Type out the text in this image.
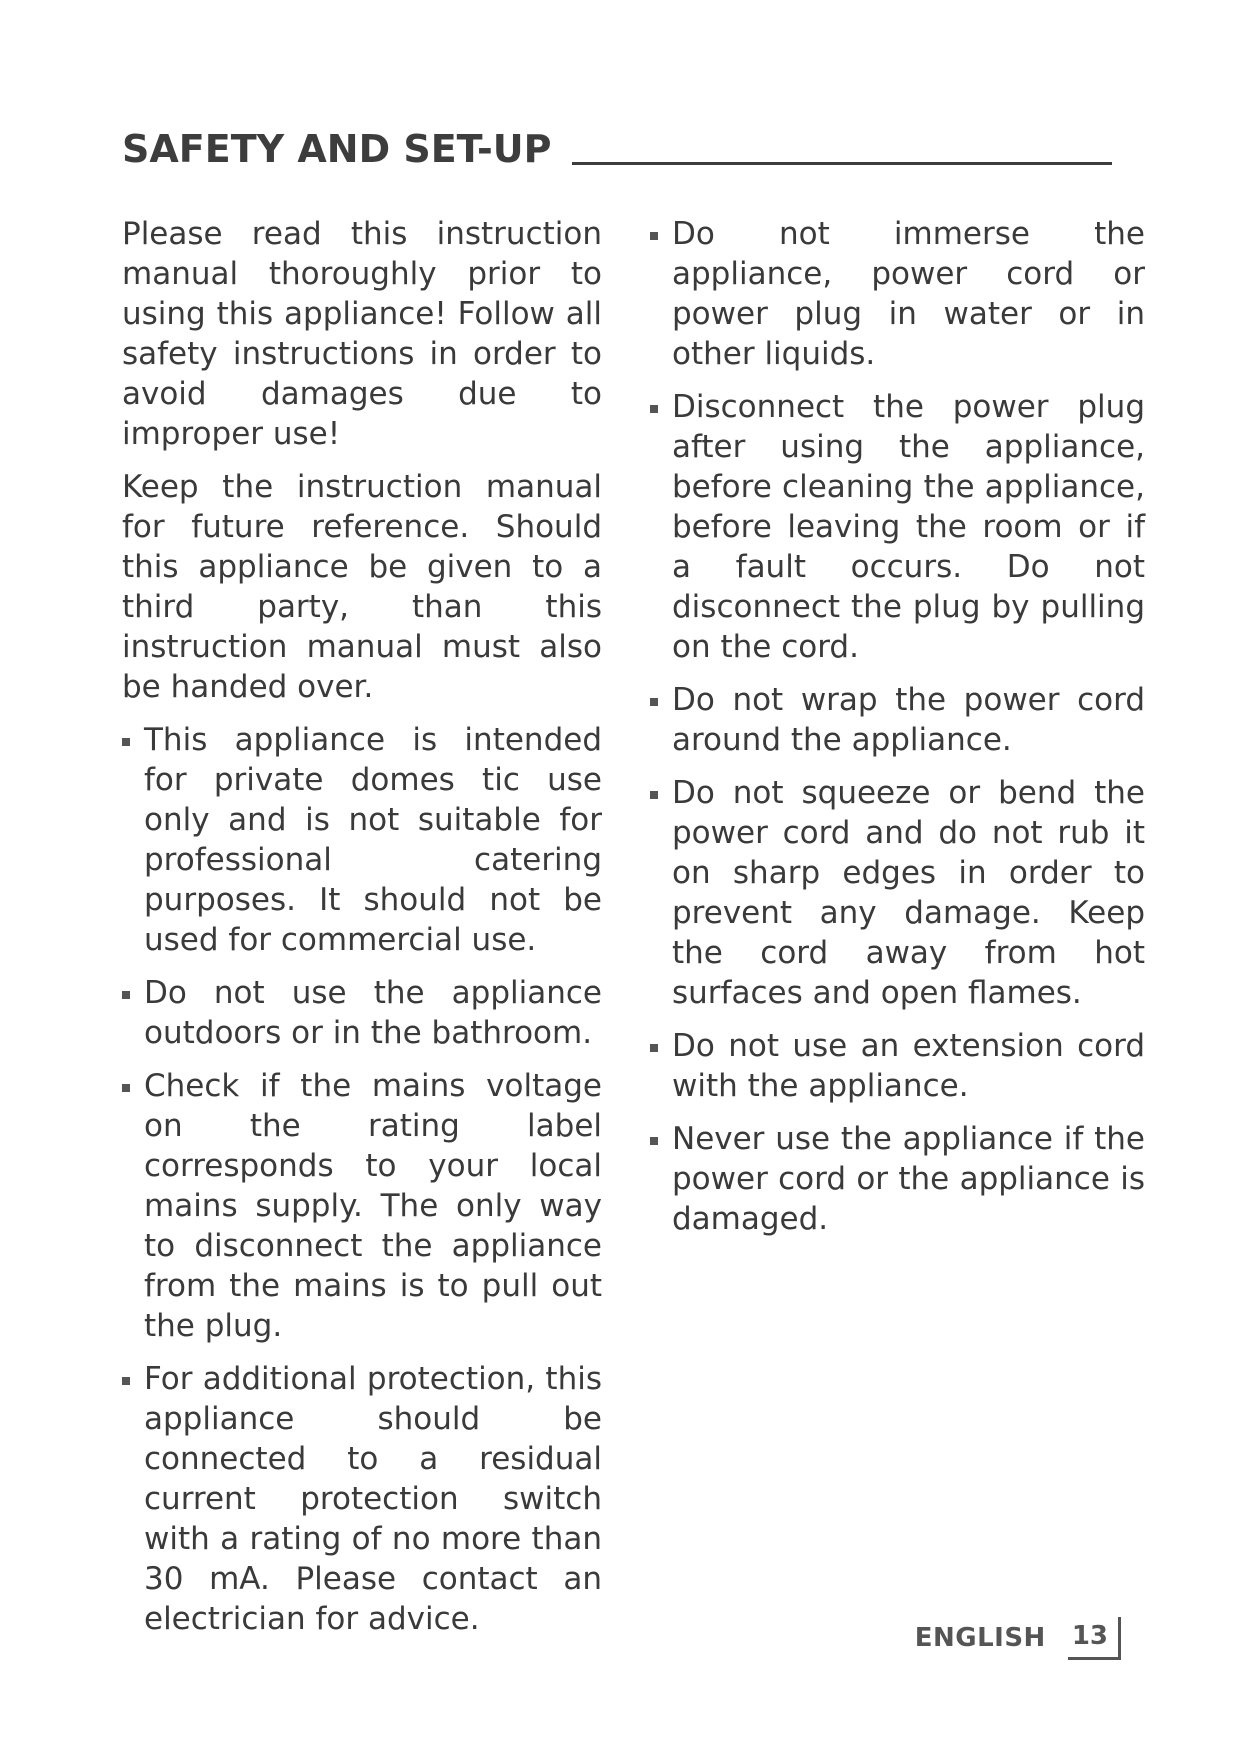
SAFETY AND SET-UP

Please read this instruction manual thoroughly prior to using this appliance! Follow all safety instructions in order to avoid damages due to improper use!

Keep the instruction manual for future reference. Should this appliance be given to a third party, than this instruction manual must also be handed over.

This appliance is intended for private domes tic use only and is not suitable for professional catering purposes. It should not be used for commercial use.
Do not use the appliance outdoors or in the bathroom.
Check if the mains voltage on the rating label corresponds to your local mains supply. The only way to disconnect the appliance from the mains is to pull out the plug.
For additional protection, this appliance should be connected to a residual current protection switch with a rating of no more than 30 mA. Please contact an electrician for advice.
Do not immerse the appliance, power cord or power plug in water or in other liquids.
Disconnect the power plug after using the appliance, before cleaning the appliance, before leaving the room or if a fault occurs. Do not disconnect the plug by pulling on the cord.
Do not wrap the power cord around the appliance.
Do not squeeze or bend the power cord and do not rub it on sharp edges in order to prevent any damage. Keep the cord away from hot surfaces and open flames.
Do not use an extension cord with the appliance.
Never use the appliance if the power cord or the appliance is damaged.
ENGLISH 13
